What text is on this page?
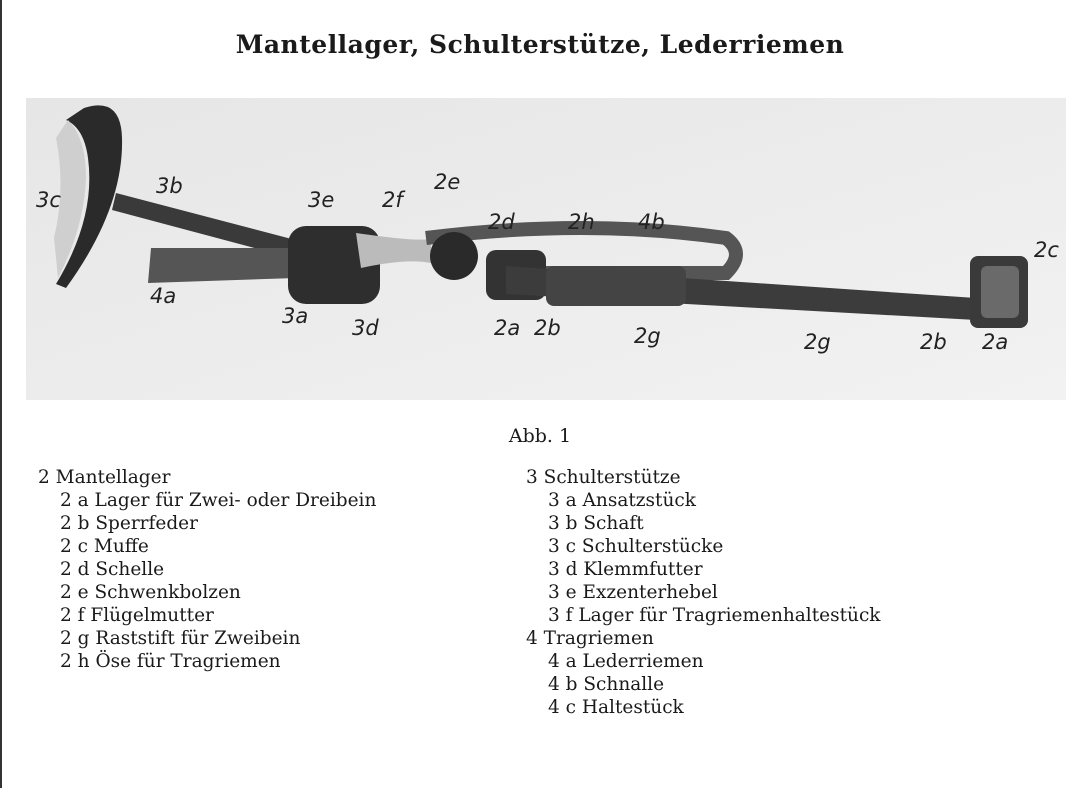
Mantellager, Schulterstütze, Lederriemen
3c
3b
3e 2f
2e
2d	2h 4b
2c
4a
3a 3d	2a 2b	2g	2g	2b 2a
Abb. 1
2 Mantellager
2 a Lager für Zwei- oder Dreibein
2 b Sperrfeder
2 c Muffe
2 d Schelle
2 e Schwenkbolzen
2 f Flügelmutter
2 g Raststift für Zweibein
2 h Öse für Tragriemen
3 Schulterstütze
3 a Ansatzstück
3 b Schaft
3 c Schulterstücke
3 d Klemmfutter
3 e Exzenterhebel
3 f Lager für Tragriemenhaltestück
4 Tragriemen
4 a Lederriemen
4 b Schnalle
4 c Haltestück
